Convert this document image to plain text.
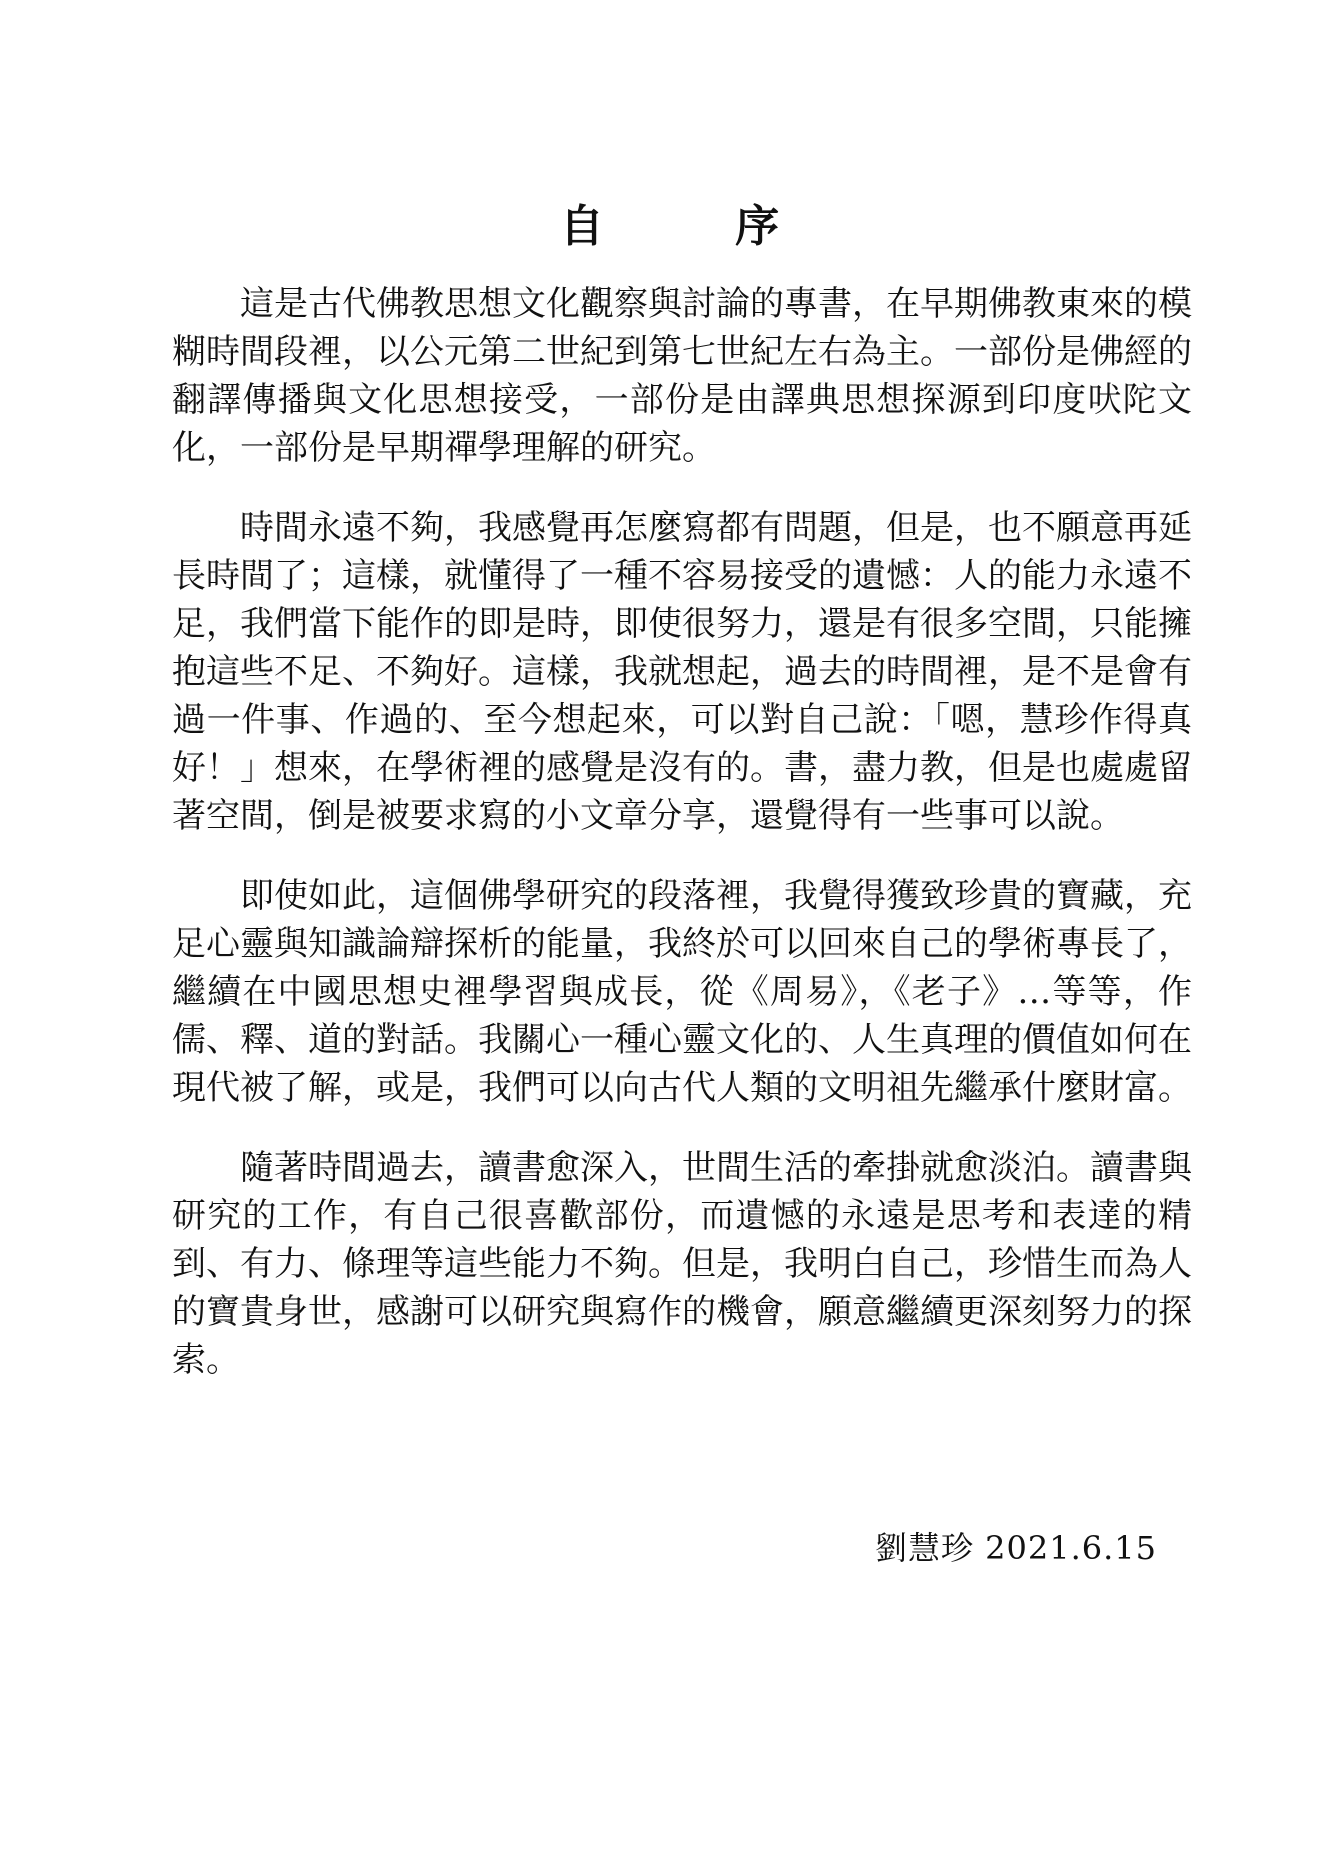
自 序

這是古代佛教思想文化觀察與討論的專書，在早期佛教東來的模糊時間段裡，以公元第二世紀到第七世紀左右為主。一部份是佛經的翻譯傳播與文化思想接受，一部份是由譯典思想探源到印度吠陀文化，一部份是早期禪學理解的研究。

時間永遠不夠，我感覺再怎麼寫都有問題，但是，也不願意再延長時間了；這樣，就懂得了一種不容易接受的遺憾：人的能力永遠不足，我們當下能作的即是時，即使很努力，還是有很多空間，只能擁抱這些不足、不夠好。這樣，我就想起，過去的時間裡，是不是會有過一件事、作過的、至今想起來，可以對自己說：「嗯，慧珍作得真好！」想來，在學術裡的感覺是沒有的。書，盡力教，但是也處處留著空間，倒是被要求寫的小文章分享，還覺得有一些事可以說。

即使如此，這個佛學研究的段落裡，我覺得獲致珍貴的寶藏，充足心靈與知識論辯探析的能量，我終於可以回來自己的學術專長了，繼續在中國思想史裡學習與成長，從《周易》，《老子》…等等，作儒、釋、道的對話。我關心一種心靈文化的、人生真理的價值如何在現代被了解，或是，我們可以向古代人類的文明祖先繼承什麼財富。

隨著時間過去，讀書愈深入，世間生活的牽掛就愈淡泊。讀書與研究的工作，有自己很喜歡部份，而遺憾的永遠是思考和表達的精到、有力、條理等這些能力不夠。但是，我明白自己，珍惜生而為人的寶貴身世，感謝可以研究與寫作的機會，願意繼續更深刻努力的探索。

劉慧珍 2021.6.15
